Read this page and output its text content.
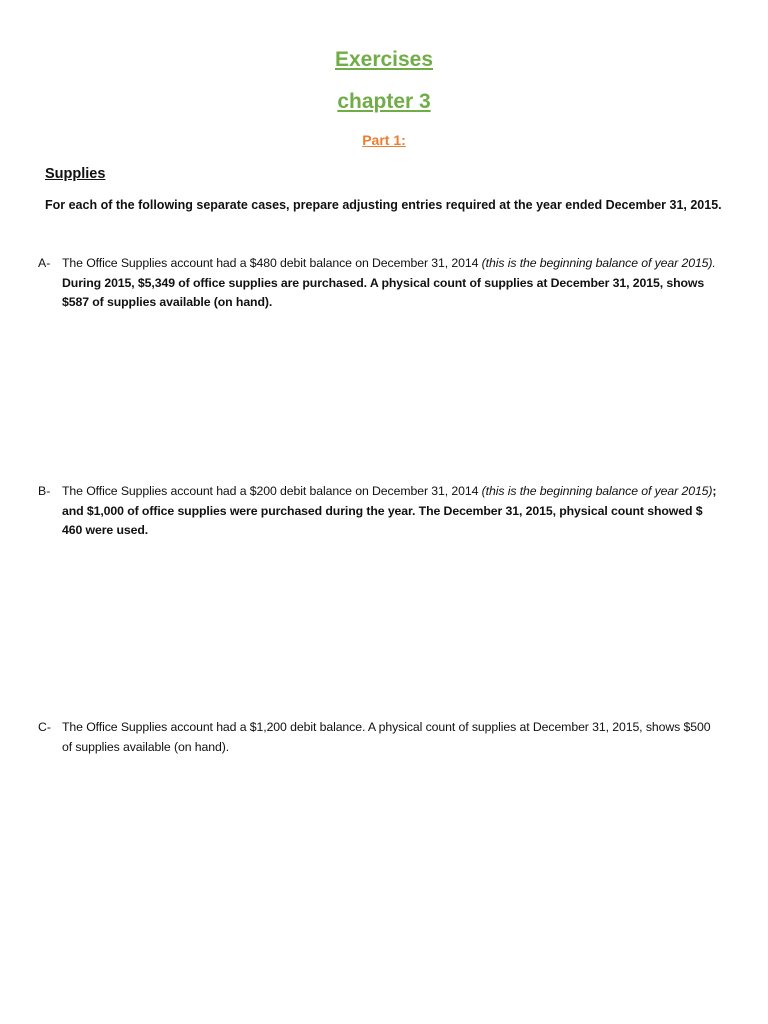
Exercises
chapter 3
Part 1:
Supplies

For each of the following separate cases, prepare adjusting entries required at the year ended December 31, 2015.

A- The Office Supplies account had a $480 debit balance on December 31, 2014 (this is the beginning balance of year 2015). During 2015, $5,349 of office supplies are purchased. A physical count of supplies at December 31, 2015, shows $587 of supplies available (on hand).
B- The Office Supplies account had a $200 debit balance on December 31, 2014 (this is the beginning balance of year 2015); and $1,000 of office supplies were purchased during the year. The December 31, 2015, physical count showed $ 460 were used.
C- The Office Supplies account had a $1,200 debit balance. A physical count of supplies at December 31, 2015, shows $500 of supplies available (on hand).
